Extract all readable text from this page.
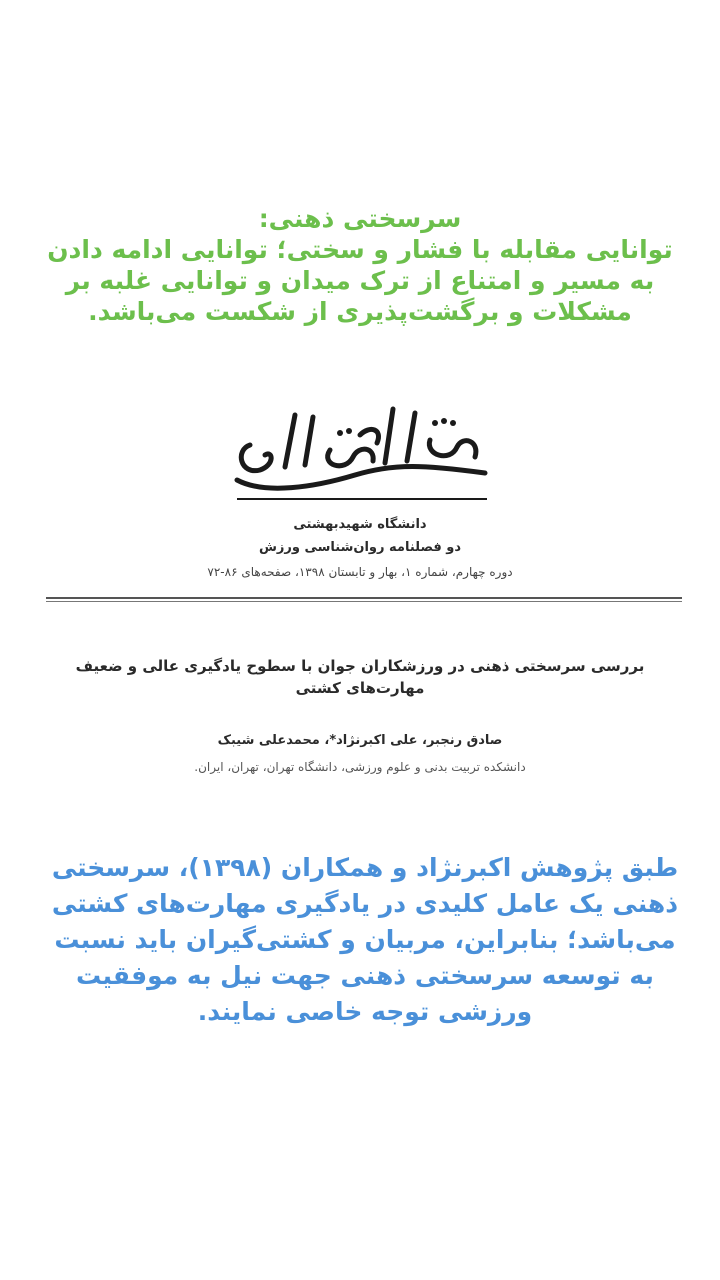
سرسختی ذهنی:
توانایی مقابله با فشار و سختی؛ توانایی ادامه دادن به مسیر و امتناع از ترک میدان و توانایی غلبه بر مشکلات و برگشت‌پذیری از شکست می‌باشد.
دانشگاه شهیدبهشتی
دو فصلنامه روان‌شناسی ورزش
دوره چهارم، شماره ۱، بهار و تابستان ۱۳۹۸، صفحه‌های ۸۶-۷۲
بررسی سرسختی ذهنی در ورزشکاران جوان با سطوح یادگیری عالی و ضعیف مهارت‌های کشتی
صادق رنجبر، علی اکبرنژاد*، محمدعلی شیبک
دانشکده تربیت بدنی و علوم ورزشی، دانشگاه تهران، تهران، ایران.
طبق پژوهش اکبرنژاد و همکاران (۱۳۹۸)، سرسختی ذهنی یک عامل کلیدی در یادگیری مهارت‌های کشتی می‌باشد؛ بنابراین، مربیان و کشتی‌گیران باید نسبت به توسعه سرسختی ذهنی جهت نیل به موفقیت ورزشی توجه خاصی نمایند.
